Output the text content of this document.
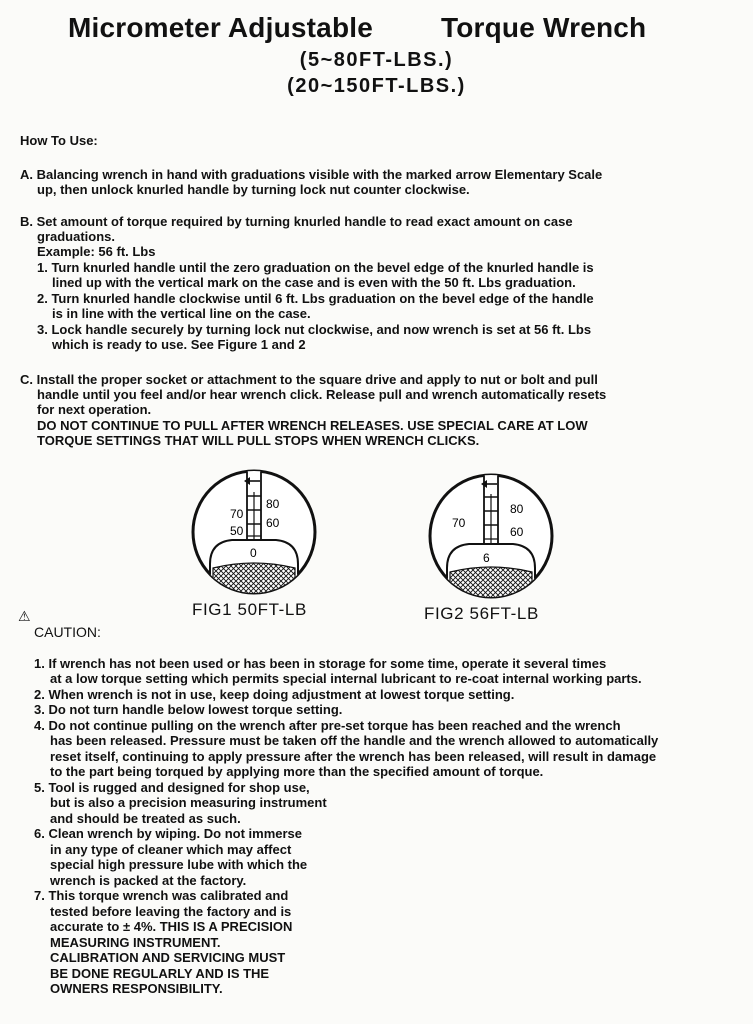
Micrometer Adjustable Torque Wrench
(5~80FT-LBS.)
(20~150FT-LBS.)
How To Use:
A. Balancing wrench in hand with graduations visible with the marked arrow Elementary Scale
up, then unlock knurled handle by turning lock nut counter clockwise.
B. Set amount of torque required by turning knurled handle to read exact amount on case
graduations.
Example: 56 ft. Lbs
1. Turn knurled handle until the zero graduation on the bevel edge of the knurled handle is
lined up with the vertical mark on the case and is even with the 50 ft. Lbs graduation.
2. Turn knurled handle clockwise until 6 ft. Lbs graduation on the bevel edge of the handle
is in line with the vertical line on the case.
3. Lock handle securely by turning lock nut clockwise, and now wrench is set at 56 ft. Lbs
which is ready to use. See Figure 1 and 2
C. Install the proper socket or attachment to the square drive and apply to nut or bolt and pull
handle until you feel and/or hear wrench click. Release pull and wrench automatically resets
for next operation.
DO NOT CONTINUE TO PULL AFTER WRENCH RELEASES. USE SPECIAL CARE AT LOW
TORQUE SETTINGS THAT WILL PULL STOPS WHEN WRENCH CLICKS.
70
50
80
60
0
FIG1 50FT-LB
70
80
60
6
FIG2 56FT-LB
⚠
CAUTION:
1. If wrench has not been used or has been in storage for some time, operate it several times
at a low torque setting which permits special internal lubricant to re-coat internal working parts.
2. When wrench is not in use, keep doing adjustment at lowest torque setting.
3. Do not turn handle below lowest torque setting.
4. Do not continue pulling on the wrench after pre-set torque has been reached and the wrench
has been released. Pressure must be taken off the handle and the wrench allowed to automatically
reset itself, continuing to apply pressure after the wrench has been released, will result in damage
to the part being torqued by applying more than the specified amount of torque.
5. Tool is rugged and designed for shop use,
but is also a precision measuring instrument
and should be treated as such.
6. Clean wrench by wiping. Do not immerse
in any type of cleaner which may affect
special high pressure lube with which the
wrench is packed at the factory.
7. This torque wrench was calibrated and
tested before leaving the factory and is
accurate to ± 4%. THIS IS A PRECISION
MEASURING INSTRUMENT.
CALIBRATION AND SERVICING MUST
BE DONE REGULARLY AND IS THE
OWNERS RESPONSIBILITY.
